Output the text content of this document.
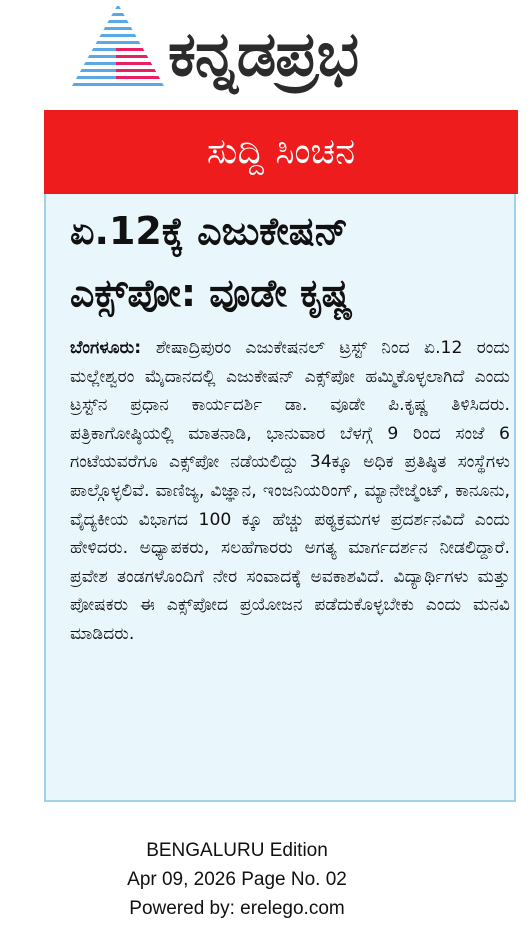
ಕನ್ನಡಪ್ರಭ
ಸುದ್ದಿ ಸಿಂಚನ
ಏ.12ಕ್ಕೆ ಎಜುಕೇಷನ್
ಎಕ್ಸ್‌ಪೋ: ವೂಡೇ ಕೃಷ್ಣ
ಬೆಂಗಳೂರು: ಶೇಷಾದ್ರಿಪುರಂ ಎಜುಕೇಷನಲ್ ಟ್ರಸ್ಟ್ ನಿಂದ ಏ.12 ರಂದು ಮಲ್ಲೇಶ್ವರಂ ಮೈದಾನದಲ್ಲಿ ಎಜುಕೇಷನ್ ಎಕ್ಸ್‌ಪೋ ಹಮ್ಮಿಕೊಳ್ಳಲಾಗಿದೆ ಎಂದು ಟ್ರಸ್ಟ್‌ನ ಪ್ರಧಾನ ಕಾರ್ಯದರ್ಶಿ ಡಾ. ವೂಡೇ ಪಿ.ಕೃಷ್ಣ ತಿಳಿಸಿದರು. ಪತ್ರಿಕಾಗೋಷ್ಠಿಯಲ್ಲಿ ಮಾತನಾಡಿ, ಭಾನುವಾರ ಬೆಳಗ್ಗೆ 9 ರಿಂದ ಸಂಜೆ 6 ಗಂಟೆಯವರೆಗೂ ಎಕ್ಸ್‌ಪೋ ನಡೆಯಲಿದ್ದು 34ಕ್ಕೂ ಅಧಿಕ ಪ್ರತಿಷ್ಠಿತ ಸಂಸ್ಥೆಗಳು ಪಾಲ್ಗೊಳ್ಳಲಿವೆ. ವಾಣಿಜ್ಯ, ವಿಜ್ಞಾನ, ಇಂಜನಿಯರಿಂಗ್, ಮ್ಯಾನೇಜ್ಮೆಂಟ್, ಕಾನೂನು, ವೈದ್ಯಕೀಯ ವಿಭಾಗದ 100 ಕ್ಕೂ ಹೆಚ್ಚು ಪಠ್ಯಕ್ರಮಗಳ ಪ್ರದರ್ಶನವಿದೆ ಎಂದು ಹೇಳಿದರು. ಅಧ್ಯಾಪಕರು, ಸಲಹೆಗಾರರು ಅಗತ್ಯ ಮಾರ್ಗದರ್ಶನ ನೀಡಲಿದ್ದಾರೆ. ಪ್ರವೇಶ ತಂಡಗಳೊಂದಿಗೆ ನೇರ ಸಂವಾದಕ್ಕೆ ಅವಕಾಶವಿದೆ. ವಿದ್ಯಾರ್ಥಿಗಳು ಮತ್ತು ಪೋಷಕರು ಈ ಎಕ್ಸ್‌ಪೋದ ಪ್ರಯೋಜನ ಪಡೆದುಕೊಳ್ಳಬೇಕು ಎಂದು ಮನವಿ ಮಾಡಿದರು.
BENGALURU Edition
Apr 09, 2026 Page No. 02
Powered by: erelego.com
